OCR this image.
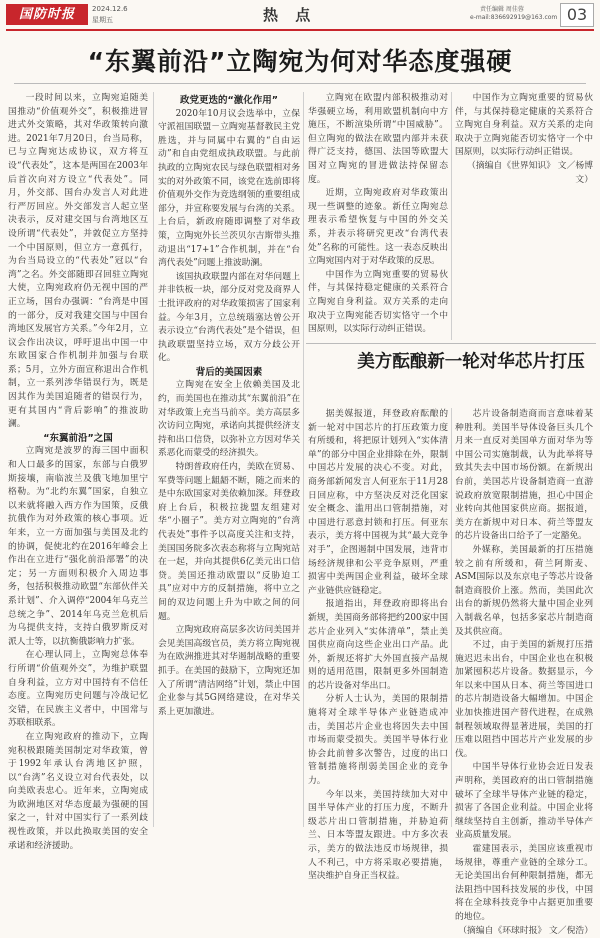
国防时报	2024.12.6
星期五	热 点	责任编辑 周佳蓉
e-mail:836692919@163.com 03
“东翼前沿”立陶宛为何对华态度强硬

一段时间以来，立陶宛追随美国推动“价值观外交”，积极推进冒进式外交策略，其对华政策转向激进。2021年7月20日，台当局称，已与立陶宛达成协议，双方将互设“代表处”，这本是两国在2003年后首次向对方设立“代表处”。同月，外交部、国台办发言人对此进行严厉回应。外交部发言人起立坚决表示，反对建交国与台湾地区互设所谓“代表处”，并敦促立方坚持一个中国原则，但立方一意孤行，为台当局设立的“代表处”冠以“台湾”之名。外交部随即召回驻立陶宛大使，立陶宛政府仍无视中国的严正立场，国台办强调：“台湾是中国的一部分，反对我建交国与中国台湾地区发展官方关系。”今年2月，立议会作出决议，呼吁退出中国一中东欧国家合作机制并加强与台联系；5月，立外方面宣称退出合作机制，立一系列涉华错误行为，既是因其作为美国追随者的错误行为，更有其国内“背后影响”的推波助澜。

“东翼前沿”之国

立陶宛是波罗的海三国中面积和人口最多的国家，东部与白俄罗斯接壤，南临波兰及俄飞地加里宁格勒。为“北约东翼”国家，自独立以来就将融入西方作为国策，反俄抗俄作为对外政策的核心事项。近年来，立一方面加强与美国及北约的协调，促使北约在2016年峰会上作出在立进行“强化前沿部署”的决定；另一方面则积极介入周边事务，包括积极推动欧盟“东部伙伴关系计划”、介入调停“2004年乌克兰总统之争”、2014年乌克兰危机后为乌提供支持，支持白俄罗斯反对派人士等，以抗衡俄影响力扩张。

在心理认同上，立陶宛总体奉行所谓“价值观外交”，为维护联盟自身利益，立方对中国持有不信任态度。立陶宛历史问题与冷战记忆交错，在民族主义者中，中国常与苏联相联系。

在立陶宛政府的推动下，立陶宛积极跟随美国制定对华政策，曾于1992年承认台湾地区护照，以“台湾”名义设立对台代表处，以向美欧表忠心。近年来，立陶宛成为欧洲地区对华态度最为强硬的国家之一，针对中国实行了一系列歧视性政策，并以此换取美国的安全承诺和经济援助。

政党更迭的“激化作用”

2020年10月议会选举中，立保守派祖国联盟－立陶宛基督教民主党胜选，并与同属中右翼的“自由运动”和自由党组成执政联盟。与此前执政的立陶宛农民与绿色联盟相对务实的对外政策不同，该党在选前即将价值观外交作为竞选纲领的重要组成部分，并宣称要发展与台湾的关系。上台后，新政府随即调整了对华政策，立陶宛外长兰茨贝尔吉斯带头推动退出“17+1”合作机制，并在“台湾代表处”问题上推波助澜。

该国执政联盟内部在对华问题上并非铁板一块，部分反对党及商界人士批评政府的对华政策损害了国家利益。今年3月，立总统瑙塞达曾公开表示设立“台湾代表处”是个错误，但执政联盟坚持立场，双方分歧公开化。

背后的美国因素

立陶宛在安全上依赖美国及北约，而美国也在推动其“东翼前沿”在对华政策上充当马前卒。美方高层多次访问立陶宛，承诺向其提供经济支持和出口信贷，以弥补立方因对华关系恶化而蒙受的经济损失。

特朗普政府任内，美欧在贸易、军费等问题上龃龉不断，随之而来的是中东欧国家对美依赖加深。拜登政府上台后，积极拉拢盟友组建对华“小圈子”。美方对立陶宛的“台湾代表处”事件予以高度关注和支持，美国国务院多次表态称将与立陶宛站在一起，并向其提供6亿美元出口信贷。美国还推动欧盟以“反胁迫工具”应对中方的反制措施，将中立之间的双边问题上升为中欧之间的问题。

立陶宛政府高层多次访问美国并会见美国高级官员，美方将立陶宛视为在欧洲推进其对华遏制战略的重要抓手。在美国的鼓励下，立陶宛还加入了所谓“清洁网络”计划，禁止中国企业参与其5G网络建设，在对华关系上更加激进。

立陶宛在欧盟内部积极推动对华强硬立场，利用欧盟机制向中方施压，不断渲染所谓“中国威胁”。但立陶宛的做法在欧盟内部并未获得广泛支持，德国、法国等欧盟大国对立陶宛的冒进做法持保留态度。

近期，立陶宛政府对华政策出现一些调整的迹象。新任立陶宛总理表示希望恢复与中国的外交关系，并表示将研究更改“台湾代表处”名称的可能性。这一表态反映出立陶宛国内对于对华政策的反思。

中国作为立陶宛重要的贸易伙伴，与其保持稳定健康的关系符合立陶宛自身利益。双方关系的走向取决于立陶宛能否切实恪守一个中国原则，以实际行动纠正错误。

中国作为立陶宛重要的贸易伙伴，与其保持稳定健康的关系符合立陶宛自身利益。双方关系的走向取决于立陶宛能否切实恪守一个中国原则，以实际行动纠正错误。

（摘编自《世界知识》 文／杨博文）

美方酝酿新一轮对华芯片打压

据美媒报道，拜登政府酝酿的新一轮对中国芯片的打压政策力度有所缓和，将把原计划列入“实体清单”的部分中国企业排除在外，限制中国芯片发展的决心不变。对此，商务部新闻发言人何亚东于11月28日回应称，中方坚决反对泛化国家安全概念、滥用出口管制措施，对中国进行恶意封锁和打压。何亚东表示，美方将中国视为其“最大竞争对手”，企图遏制中国发展，违背市场经济规律和公平竞争原则，严重损害中美两国企业利益，破坏全球产业链供应链稳定。

报道指出，拜登政府即将出台新规，美国商务部将把约200家中国芯片企业列入“实体清单”，禁止美国供应商向这些企业出口产品。此外，新规还将扩大外国直接产品规则的适用范围，限制更多外国制造的芯片设备对华出口。

分析人士认为，美国的限制措施将对全球半导体产业链造成冲击，美国芯片企业也将因失去中国市场而蒙受损失。美国半导体行业协会此前曾多次警告，过度的出口管制措施将削弱美国企业的竞争力。

今年以来，美国持续加大对中国半导体产业的打压力度，不断升级芯片出口管制措施，并胁迫荷兰、日本等盟友跟进。中方多次表示，美方的做法违反市场规律，损人不利己，中方将采取必要措施，坚决维护自身正当权益。

芯片设备制造商而言意味着某种胜利。美国半导体设备巨头几个月来一直反对美国单方面对华为等中国公司实施制裁，认为此举将导致其失去中国市场份额。在新规出台前，美国芯片设备制造商一直游说政府放宽限制措施，担心中国企业转向其他国家供应商。据报道，美方在新规中对日本、荷兰等盟友的芯片设备出口给予了一定豁免。

外媒称，美国最新的打压措施较之前有所缓和，荷兰阿斯麦、ASM国际以及东京电子等芯片设备制造商股价上涨。然而，美国此次出台的新规仍然将大量中国企业列入制裁名单，包括多家芯片制造商及其供应商。

不过，由于美国的新规打压措施迟迟未出台，中国企业也在积极加紧囤积芯片设备。数据显示，今年以来中国从日本、荷兰等国进口的芯片制造设备大幅增加。中国企业加快推进国产替代进程，在成熟制程领域取得显著进展，美国的打压难以阻挡中国芯片产业发展的步伐。

中国半导体行业协会近日发表声明称，美国政府的出口管制措施破坏了全球半导体产业链的稳定，损害了各国企业利益。中国企业将继续坚持自主创新，推动半导体产业高质量发展。

霍建国表示，美国应该重视市场规律，尊重产业链的全球分工。无论美国出台何种限制措施，都无法阻挡中国科技发展的步伐，中国将在全球科技竞争中占据更加重要的地位。

（摘编自《环球时报》 文／倪浩）
